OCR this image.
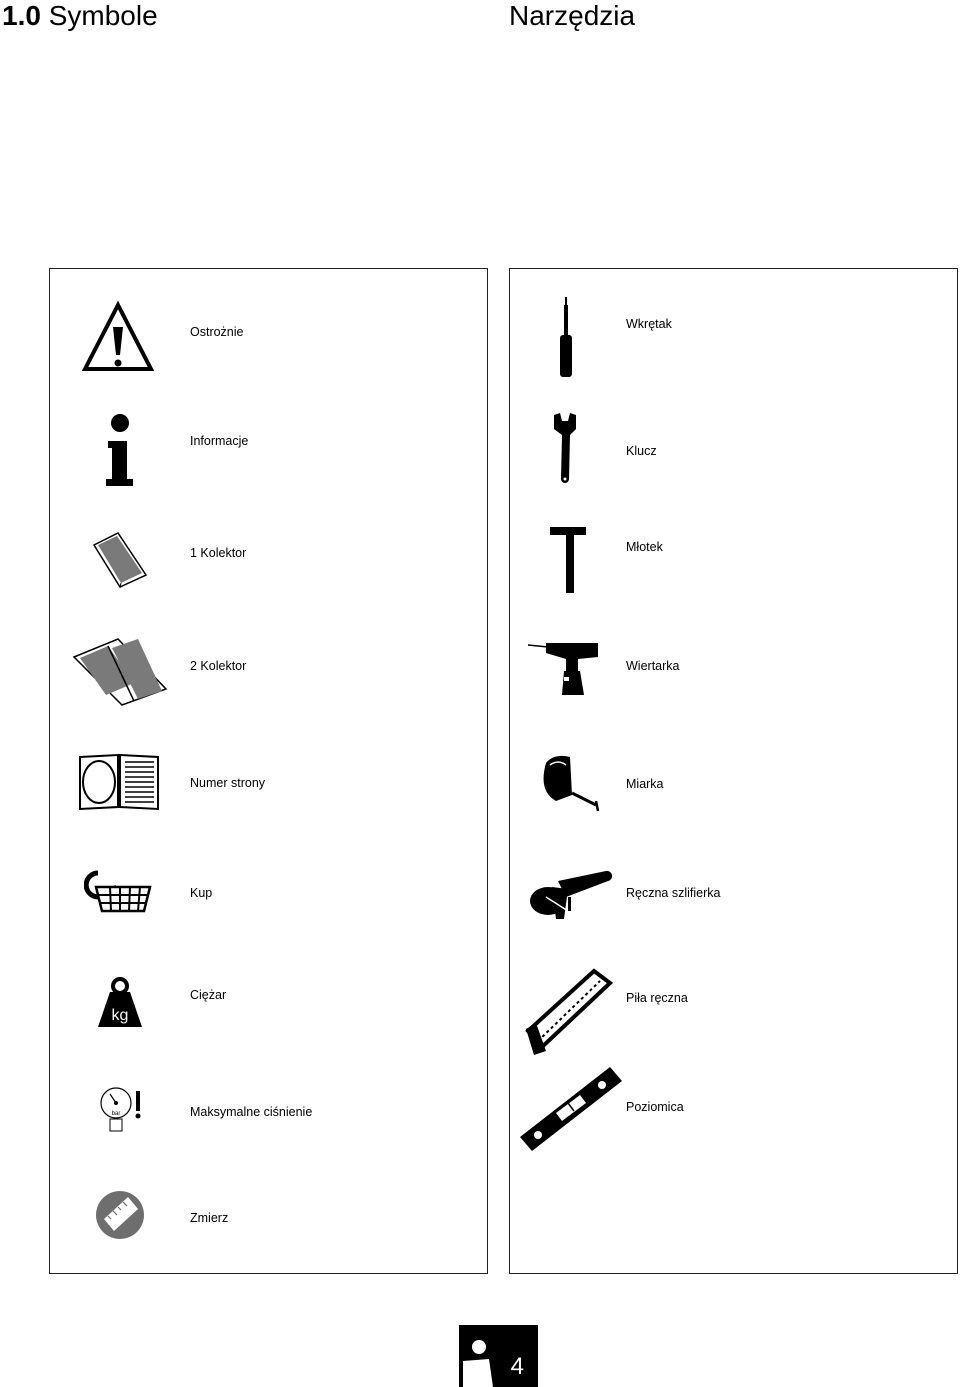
1.0 Symbole	Narzędzia
Ostrożnie
Informacje
1 Kolektor
2 Kolektor
Numer strony
Kup
kg
Ciężar
bar	Maksymalne ciśnienie
Zmierz
Wkrętak
Klucz
Młotek
Wiertarka
Miarka
Ręczna szlifierka
Piła ręczna
Poziomica
4
